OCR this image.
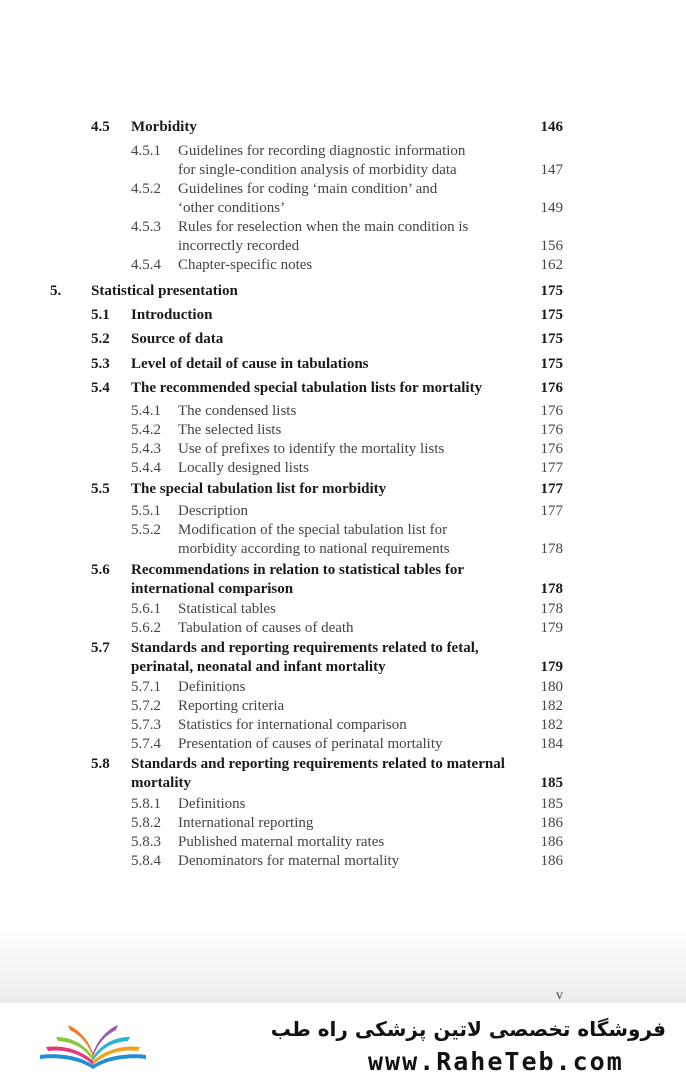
4.5 Morbidity	146
4.5.1 Guidelines for recording diagnostic information
for single-condition analysis of morbidity data	147
4.5.2 Guidelines for coding ‘main condition’ and
‘other conditions’	149
4.5.3 Rules for reselection when the main condition is
incorrectly recorded	156
4.5.4 Chapter-specific notes	162
5. Statistical presentation	175
5.1 Introduction	175
5.2 Source of data	175
5.3 Level of detail of cause in tabulations	175
5.4 The recommended special tabulation lists for mortality	176
5.4.1 The condensed lists	176
5.4.2 The selected lists	176
5.4.3 Use of prefixes to identify the mortality lists	176
5.4.4 Locally designed lists	177
5.5 The special tabulation list for morbidity	177
5.5.1 Description	177
5.5.2 Modification of the special tabulation list for
morbidity according to national requirements	178
5.6 Recommendations in relation to statistical tables for
international comparison	178
5.6.1 Statistical tables	178
5.6.2 Tabulation of causes of death	179
5.7 Standards and reporting requirements related to fetal,
perinatal, neonatal and infant mortality	179
5.7.1 Definitions	180
5.7.2 Reporting criteria	182
5.7.3 Statistics for international comparison	182
5.7.4 Presentation of causes of perinatal mortality	184
5.8 Standards and reporting requirements related to maternal
mortality	185
5.8.1 Definitions	185
5.8.2 International reporting	186
5.8.3 Published maternal mortality rates	186
5.8.4 Denominators for maternal mortality	186
v
فروشگاه تخصصی لاتین پزشکی راه طب
www.RaheTeb.com
